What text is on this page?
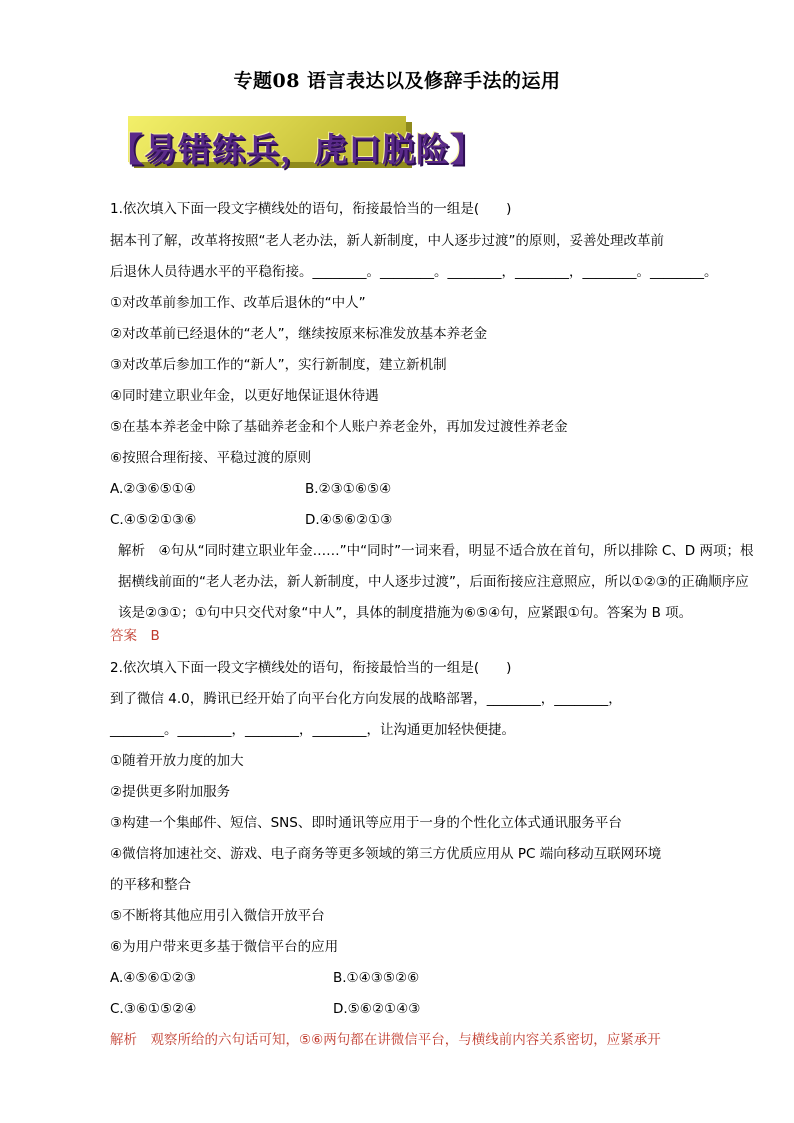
专题08 语言表达以及修辞手法的运用
【易错练兵，虎口脱险】
1.依次填入下面一段文字横线处的语句，衔接最恰当的一组是(　　)
据本刊了解，改革将按照“老人老办法，新人新制度，中人逐步过渡”的原则，妥善处理改革前
后退休人员待遇水平的平稳衔接。________。________。________，________，________。________。
①对改革前参加工作、改革后退休的“中人”
②对改革前已经退休的“老人”，继续按原来标准发放基本养老金
③对改革后参加工作的“新人”，实行新制度，建立新机制
④同时建立职业年金，以更好地保证退休待遇
⑤在基本养老金中除了基础养老金和个人账户养老金外，再加发过渡性养老金
⑥按照合理衔接、平稳过渡的原则
A.②③⑥⑤①④	B.②③①⑥⑤④
C.④⑤②①③⑥	D.④⑤⑥②①③
解析　④句从“同时建立职业年金……”中“同时”一词来看，明显不适合放在首句，所以排除 C、D 两项；根
据横线前面的“老人老办法，新人新制度，中人逐步过渡”，后面衔接应注意照应，所以①②③的正确顺序应
该是②③①；①句中只交代对象“中人”，具体的制度措施为⑥⑤④句，应紧跟①句。答案为 B 项。
答案　B
2.依次填入下面一段文字横线处的语句，衔接最恰当的一组是(　　)
到了微信 4.0，腾讯已经开始了向平台化方向发展的战略部署，________，________，
________。________，________，________，让沟通更加轻快便捷。
①随着开放力度的加大
②提供更多附加服务
③构建一个集邮件、短信、SNS、即时通讯等应用于一身的个性化立体式通讯服务平台
④微信将加速社交、游戏、电子商务等更多领域的第三方优质应用从 PC 端向移动互联网环境
的平移和整合
⑤不断将其他应用引入微信开放平台
⑥为用户带来更多基于微信平台的应用
A.④⑤⑥①②③	B.①④③⑤②⑥
C.③⑥①⑤②④	D.⑤⑥②①④③
解析　观察所给的六句话可知，⑤⑥两句都在讲微信平台，与横线前内容关系密切，应紧承开
